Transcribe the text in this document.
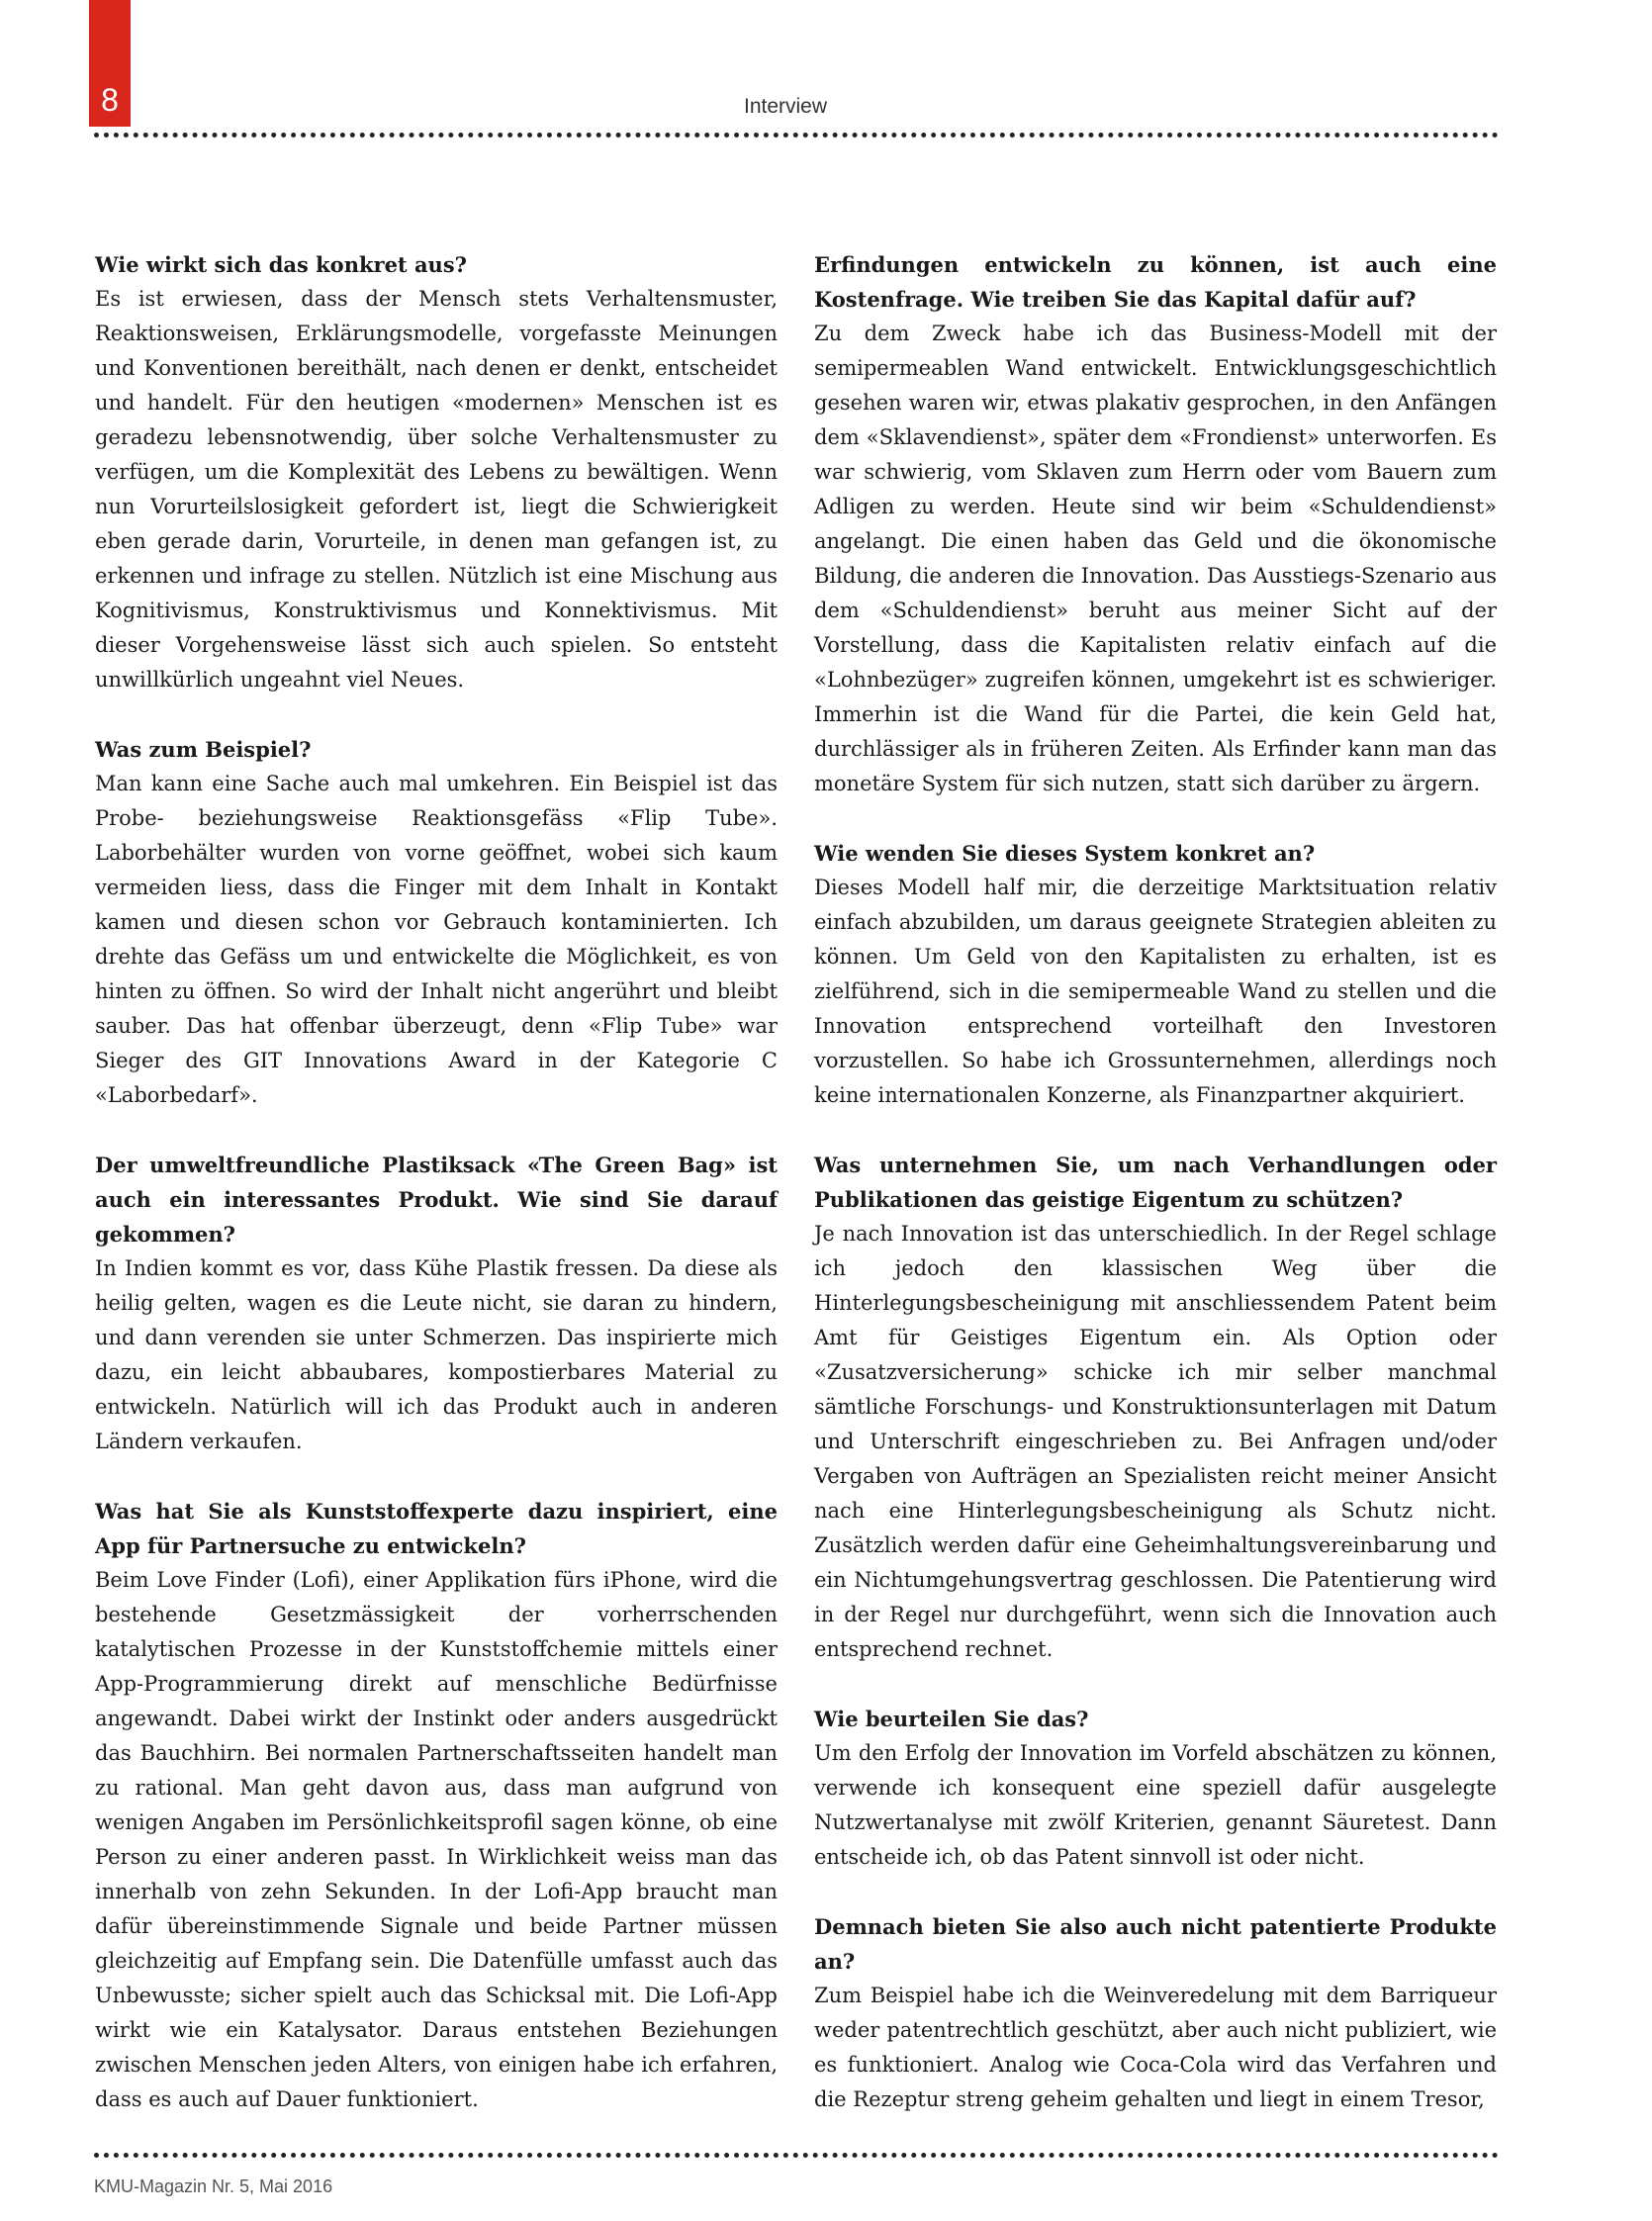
8	Interview

Wie wirkt sich das konkret aus?

Es ist erwiesen, dass der Mensch stets Verhaltensmuster, Reaktionsweisen, Erklärungsmodelle, vorgefasste Meinungen und Konventionen bereithält, nach denen er denkt, entscheidet und handelt. Für den heutigen «modernen» Menschen ist es geradezu lebensnotwendig, über solche Verhaltensmuster zu verfügen, um die Komplexität des Lebens zu bewältigen. Wenn nun Vorurteilslosigkeit gefordert ist, liegt die Schwierigkeit eben gerade darin, Vorurteile, in denen man gefangen ist, zu erkennen und infrage zu stellen. Nützlich ist eine Mischung aus Kognitivismus, Konstruktivismus und Konnektivismus. Mit dieser Vorgehensweise lässt sich auch spielen. So entsteht unwillkürlich ungeahnt viel Neues.

Was zum Beispiel?

Man kann eine Sache auch mal umkehren. Ein Beispiel ist das Probe- beziehungsweise Reaktionsgefäss «Flip Tube». Laborbehälter wurden von vorne geöffnet, wobei sich kaum vermeiden liess, dass die Finger mit dem Inhalt in Kontakt kamen und diesen schon vor Gebrauch kontaminierten. Ich drehte das Gefäss um und entwickelte die Möglichkeit, es von hinten zu öffnen. So wird der Inhalt nicht angerührt und bleibt sauber. Das hat offenbar überzeugt, denn «Flip Tube» war Sieger des GIT Innovations Award in der Kategorie C «Laborbedarf».

Der umweltfreundliche Plastiksack «The Green Bag» ist auch ein interessantes Produkt. Wie sind Sie darauf gekommen?

In Indien kommt es vor, dass Kühe Plastik fressen. Da diese als heilig gelten, wagen es die Leute nicht, sie daran zu hindern, und dann verenden sie unter Schmerzen. Das inspirierte mich dazu, ein leicht abbaubares, kompostierbares Material zu entwickeln. Natürlich will ich das Produkt auch in anderen Ländern verkaufen.

Was hat Sie als Kunststoffexperte dazu inspiriert, eine App für Partnersuche zu entwickeln?

Beim Love Finder (Lofi), einer Applikation fürs iPhone, wird die bestehende Gesetzmässigkeit der vorherrschenden katalytischen Prozesse in der Kunststoffchemie mittels einer App-Programmierung direkt auf menschliche Bedürfnisse angewandt. Dabei wirkt der Instinkt oder anders ausgedrückt das Bauchhirn. Bei normalen Partnerschaftsseiten handelt man zu rational. Man geht davon aus, dass man aufgrund von wenigen Angaben im Persönlichkeitsprofil sagen könne, ob eine Person zu einer anderen passt. In Wirklichkeit weiss man das innerhalb von zehn Sekunden. In der Lofi-App braucht man dafür übereinstimmende Signale und beide Partner müssen gleichzeitig auf Empfang sein. Die Datenfülle umfasst auch das Unbewusste; sicher spielt auch das Schicksal mit. Die Lofi-App wirkt wie ein Katalysator. Daraus entstehen Beziehungen zwischen Menschen jeden Alters, von einigen habe ich erfahren, dass es auch auf Dauer funktioniert.

Erfindungen entwickeln zu können, ist auch eine Kostenfrage. Wie treiben Sie das Kapital dafür auf?

Zu dem Zweck habe ich das Business-Modell mit der semipermeablen Wand entwickelt. Entwicklungsgeschichtlich gesehen waren wir, etwas plakativ gesprochen, in den Anfängen dem «Sklavendienst», später dem «Frondienst» unterworfen. Es war schwierig, vom Sklaven zum Herrn oder vom Bauern zum Adligen zu werden. Heute sind wir beim «Schuldendienst» angelangt. Die einen haben das Geld und die ökonomische Bildung, die anderen die Innovation. Das Ausstiegs-Szenario aus dem «Schuldendienst» beruht aus meiner Sicht auf der Vorstellung, dass die Kapitalisten relativ einfach auf die «Lohnbezüger» zugreifen können, umgekehrt ist es schwieriger. Immerhin ist die Wand für die Partei, die kein Geld hat, durchlässiger als in früheren Zeiten. Als Erfinder kann man das monetäre System für sich nutzen, statt sich darüber zu ärgern.

Wie wenden Sie dieses System konkret an?

Dieses Modell half mir, die derzeitige Marktsituation relativ einfach abzubilden, um daraus geeignete Strategien ableiten zu können. Um Geld von den Kapitalisten zu erhalten, ist es zielführend, sich in die semipermeable Wand zu stellen und die Innovation entsprechend vorteilhaft den Investoren vorzustellen. So habe ich Grossunternehmen, allerdings noch keine internationalen Konzerne, als Finanzpartner akquiriert.

Was unternehmen Sie, um nach Verhandlungen oder Publikationen das geistige Eigentum zu schützen?

Je nach Innovation ist das unterschiedlich. In der Regel schlage ich jedoch den klassischen Weg über die Hinterlegungsbescheinigung mit anschliessendem Patent beim Amt für Geistiges Eigentum ein. Als Option oder «Zusatzversicherung» schicke ich mir selber manchmal sämtliche Forschungs- und Konstruktionsunterlagen mit Datum und Unterschrift eingeschrieben zu. Bei Anfragen und/oder Vergaben von Aufträgen an Spezialisten reicht meiner Ansicht nach eine Hinterlegungsbescheinigung als Schutz nicht. Zusätzlich werden dafür eine Geheimhaltungsvereinbarung und ein Nichtumgehungsvertrag geschlossen. Die Patentierung wird in der Regel nur durchgeführt, wenn sich die Innovation auch entsprechend rechnet.

Wie beurteilen Sie das?

Um den Erfolg der Innovation im Vorfeld abschätzen zu können, verwende ich konsequent eine speziell dafür ausgelegte Nutzwertanalyse mit zwölf Kriterien, genannt Säuretest. Dann entscheide ich, ob das Patent sinnvoll ist oder nicht.

Demnach bieten Sie also auch nicht patentierte Produkte an?

Zum Beispiel habe ich die Weinveredelung mit dem Barriqueur weder patentrechtlich geschützt, aber auch nicht publiziert, wie es funktioniert. Analog wie Coca-Cola wird das Verfahren und die Rezeptur streng geheim gehalten und liegt in einem Tresor,

KMU-Magazin Nr. 5, Mai 2016
